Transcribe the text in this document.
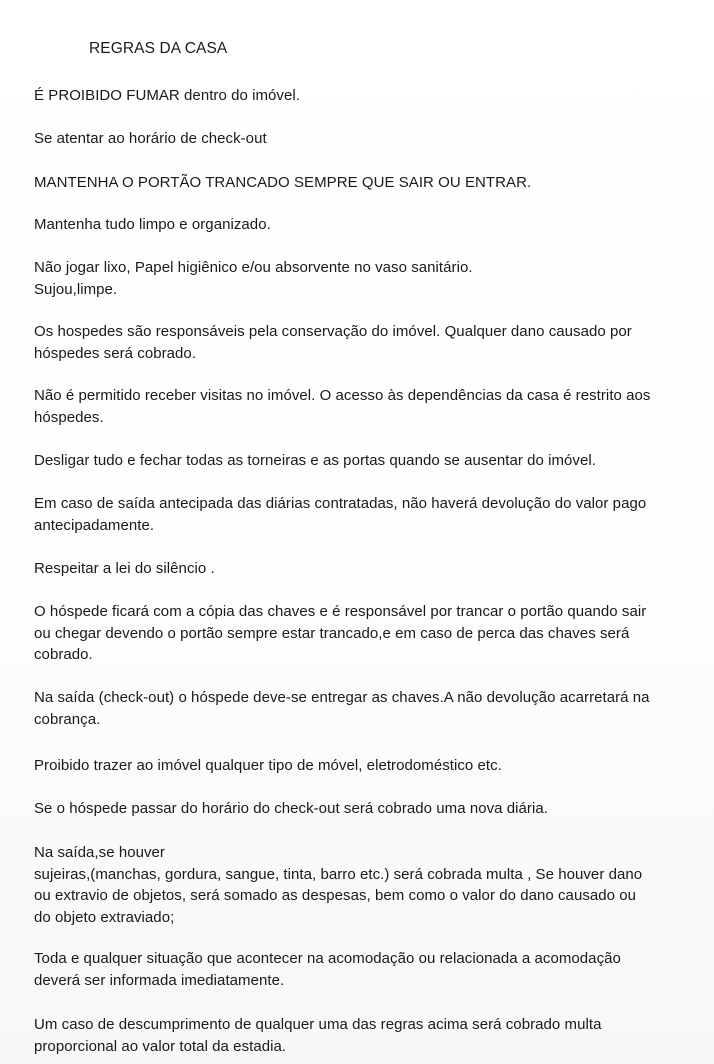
REGRAS DA CASA
É PROIBIDO FUMAR dentro do imóvel.
Se atentar ao horário de check-out
MANTENHA O PORTÃO TRANCADO SEMPRE QUE SAIR OU ENTRAR.
Mantenha tudo limpo e organizado.
Não jogar lixo, Papel higiênico e/ou absorvente no vaso sanitário.
Sujou,limpe.
Os hospedes são responsáveis pela conservação do imóvel. Qualquer dano causado por
hóspedes será cobrado.
Não é permitido receber visitas no imóvel. O acesso às dependências da casa é restrito aos
hóspedes.
Desligar tudo e fechar todas as torneiras e as portas quando se ausentar do imóvel.
Em caso de saída antecipada das diárias contratadas, não haverá devolução do valor pago
antecipadamente.
Respeitar a lei do silêncio .
O hóspede ficará com a cópia das chaves e é responsável por trancar o portão quando sair
ou chegar devendo o portão sempre estar trancado,e em caso de perca das chaves será
cobrado.
Na saída (check-out) o hóspede deve-se entregar as chaves.A não devolução acarretará na
cobrança.
Proibido trazer ao imóvel qualquer tipo de móvel, eletrodoméstico etc.
Se o hóspede passar do horário do check-out será cobrado uma nova diária.
Na saída,se houver
sujeiras,(manchas, gordura, sangue, tinta, barro etc.) será cobrada multa , Se houver dano
ou extravio de objetos, será somado as despesas, bem como o valor do dano causado ou
do objeto extraviado;
Toda e qualquer situação que acontecer na acomodação ou relacionada a acomodação
deverá ser informada imediatamente.
Um caso de descumprimento de qualquer uma das regras acima será cobrado multa
proporcional ao valor total da estadia.
